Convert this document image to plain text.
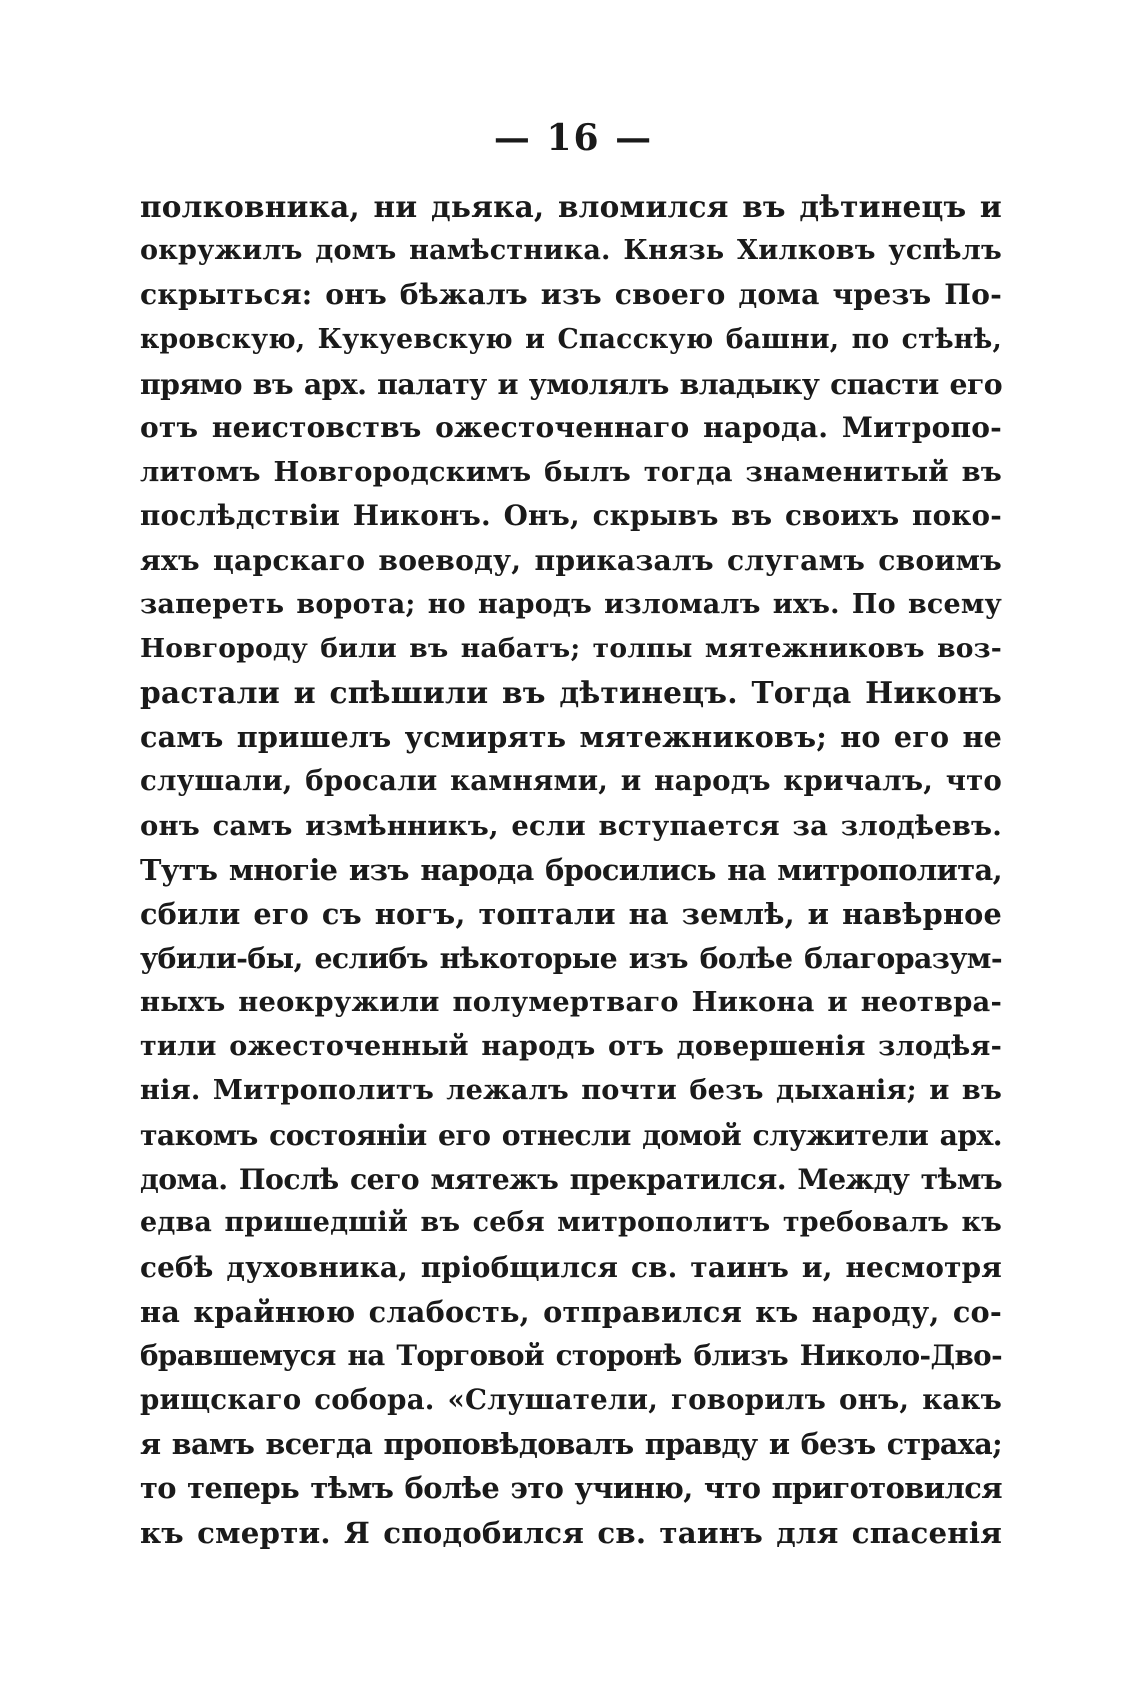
— 16 —
полковника, ни дьяка, вломился въ дѣтинецъ и
окружилъ домъ намѣстника. Князь Хилковъ успѣлъ
скрыться: онъ бѣжалъ изъ своего дома чрезъ По-
кровскую, Кукуевскую и Спасскую башни, по стѣнѣ,
прямо въ арх. палату и умолялъ владыку спасти его
отъ неистовствъ ожесточеннаго народа. Митропо-
литомъ Новгородскимъ былъ тогда знаменитый въ
послѣдствіи Никонъ. Онъ, скрывъ въ своихъ поко-
яхъ царскаго воеводу, приказалъ слугамъ своимъ
запереть ворота; но народъ изломалъ ихъ. По всему
Новгороду били въ набатъ; толпы мятежниковъ воз-
растали и спѣшили въ дѣтинецъ. Тогда Никонъ
самъ пришелъ усмирять мятежниковъ; но его не
слушали, бросали камнями, и народъ кричалъ, что
онъ самъ измѣнникъ, если вступается за злодѣевъ.
Тутъ многіе изъ народа бросились на митрополита,
сбили его съ ногъ, топтали на землѣ, и навѣрное
убили-бы, еслибъ нѣкоторые изъ болѣе благоразум-
ныхъ неокружили полумертваго Никона и неотвра-
тили ожесточенный народъ отъ довершенія злодѣя-
нія. Митрополитъ лежалъ почти безъ дыханія; и въ
такомъ состояніи его отнесли домой служители арх.
дома. Послѣ сего мятежъ прекратился. Между тѣмъ
едва пришедшій въ себя митрополитъ требовалъ къ
себѣ духовника, пріобщился св. таинъ и, несмотря
на крайнюю слабость, отправился къ народу, со-
бравшемуся на Торговой сторонѣ близъ Николо-Дво-
рищскаго собора. «Слушатели, говорилъ онъ, какъ
я вамъ всегда проповѣдовалъ правду и безъ страха;
то теперь тѣмъ болѣе это учиню, что приготовился
къ смерти. Я сподобился св. таинъ для спасенія
